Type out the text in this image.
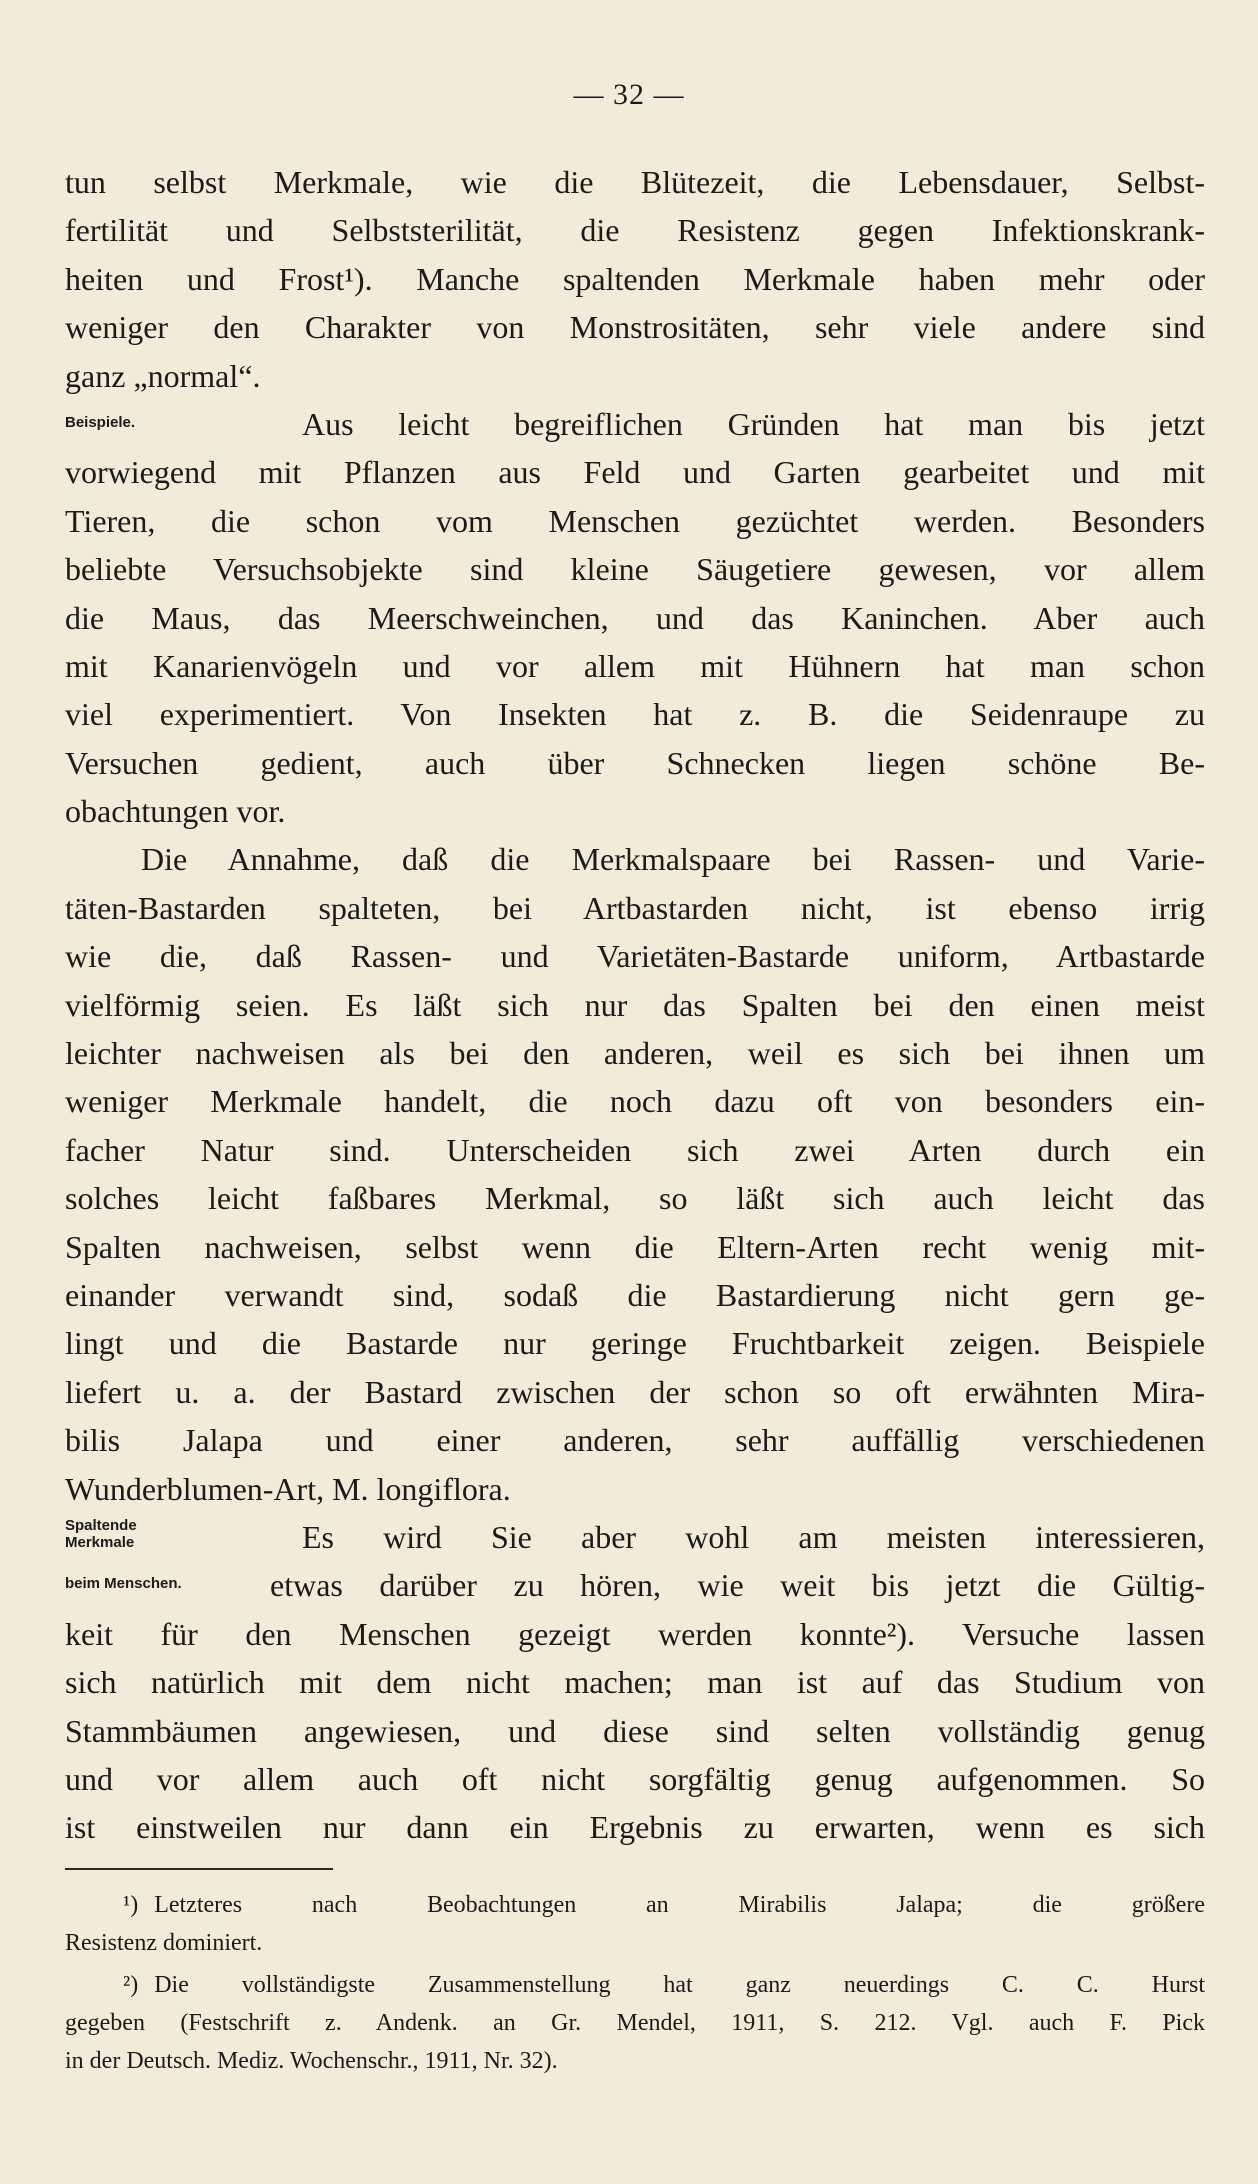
— 32 —
tun selbst Merkmale, wie die Blütezeit, die Lebensdauer, Selbst-
fertilität und Selbststerilität, die Resistenz gegen Infektionskrank-
heiten und Frost¹). Manche spaltenden Merkmale haben mehr oder
weniger den Charakter von Monstrositäten, sehr viele andere sind
ganz „normal“.
Beispiele.	Aus leicht begreiflichen Gründen hat man bis jetzt
vorwiegend mit Pflanzen aus Feld und Garten gearbeitet und mit
Tieren, die schon vom Menschen gezüchtet werden. Besonders
beliebte Versuchsobjekte sind kleine Säugetiere gewesen, vor allem
die Maus, das Meerschweinchen, und das Kaninchen. Aber auch
mit Kanarienvögeln und vor allem mit Hühnern hat man schon
viel experimentiert. Von Insekten hat z. B. die Seidenraupe zu
Versuchen gedient, auch über Schnecken liegen schöne Be-
obachtungen vor.
Die Annahme, daß die Merkmalspaare bei Rassen- und Varie-
täten-Bastarden spalteten, bei Artbastarden nicht, ist ebenso irrig
wie die, daß Rassen- und Varietäten-Bastarde uniform, Artbastarde
vielförmig seien. Es läßt sich nur das Spalten bei den einen meist
leichter nachweisen als bei den anderen, weil es sich bei ihnen um
weniger Merkmale handelt, die noch dazu oft von besonders ein-
facher Natur sind. Unterscheiden sich zwei Arten durch ein
solches leicht faßbares Merkmal, so läßt sich auch leicht das
Spalten nachweisen, selbst wenn die Eltern-Arten recht wenig mit-
einander verwandt sind, sodaß die Bastardierung nicht gern ge-
lingt und die Bastarde nur geringe Fruchtbarkeit zeigen. Beispiele
liefert u. a. der Bastard zwischen der schon so oft erwähnten Mira-
bilis Jalapa und einer anderen, sehr auffällig verschiedenen
Wunderblumen-Art, M. longiflora.
Spaltende
Merkmale	Es wird Sie aber wohl am meisten interessieren,
beim Menschen.	etwas darüber zu hören, wie weit bis jetzt die Gültig-
keit für den Menschen gezeigt werden konnte²). Versuche lassen
sich natürlich mit dem nicht machen; man ist auf das Studium von
Stammbäumen angewiesen, und diese sind selten vollständig genug
und vor allem auch oft nicht sorgfältig genug aufgenommen. So
ist einstweilen nur dann ein Ergebnis zu erwarten, wenn es sich
¹) Letzteres nach Beobachtungen an Mirabilis Jalapa; die größere
Resistenz dominiert.
²) Die vollständigste Zusammenstellung hat ganz neuerdings C. C. Hurst
gegeben (Festschrift z. Andenk. an Gr. Mendel, 1911, S. 212. Vgl. auch F. Pick
in der Deutsch. Mediz. Wochenschr., 1911, Nr. 32).
